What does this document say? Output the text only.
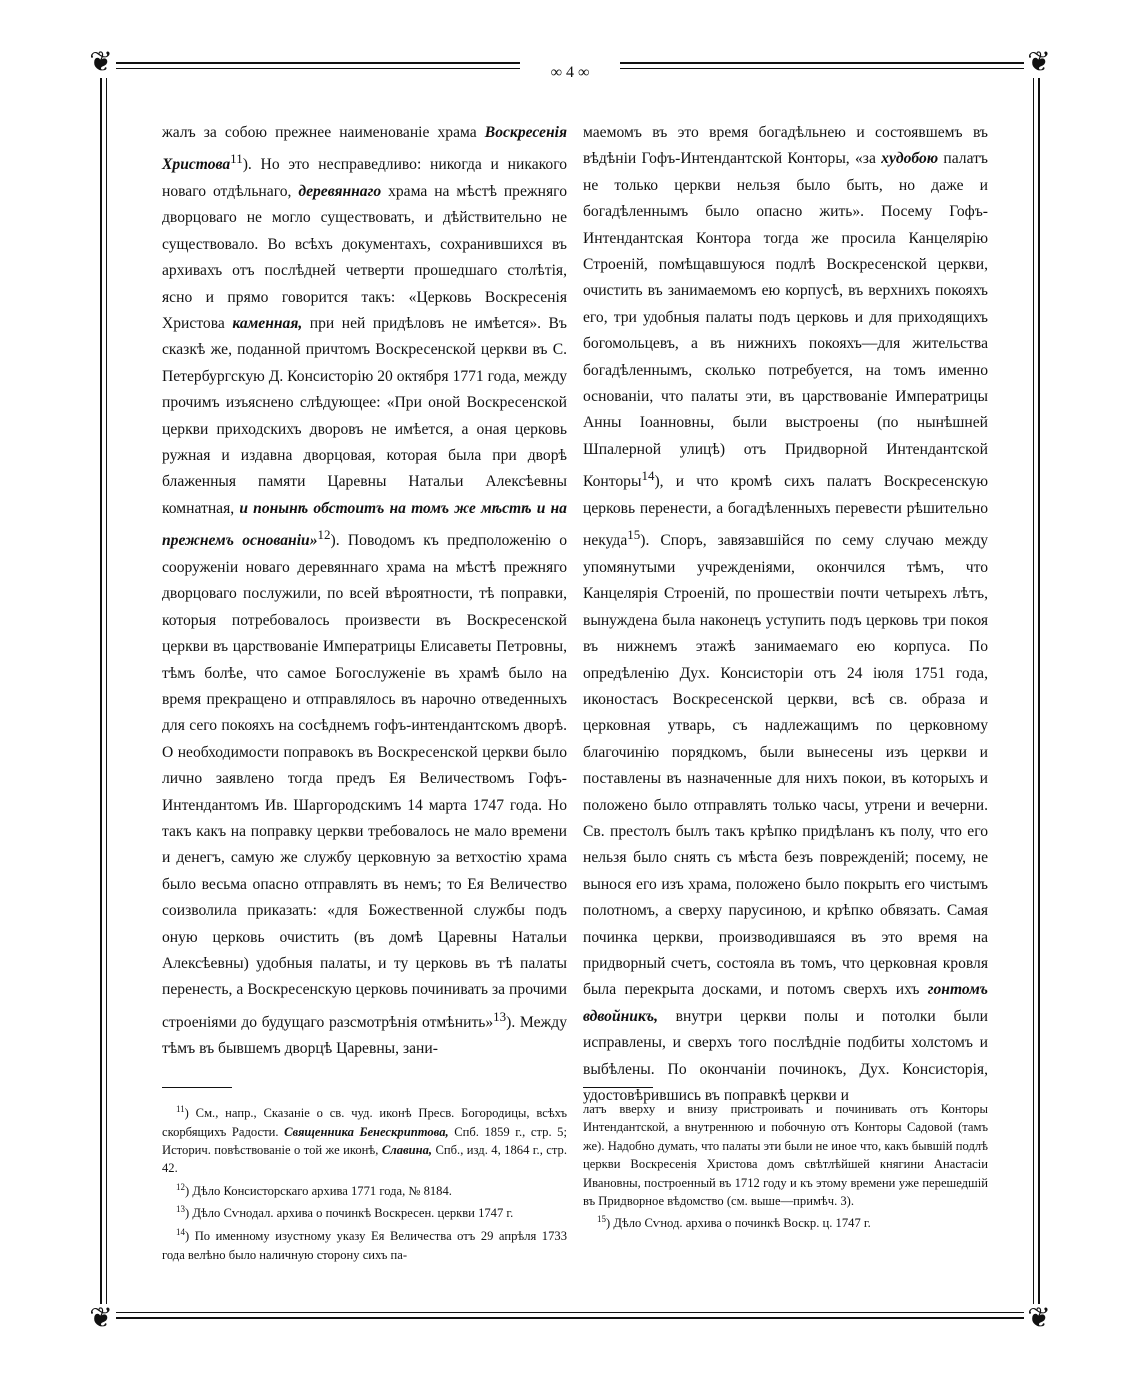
❦	❦
❦	❦
∞ 4 ∞

жалъ за собою прежнее наименованіе храма Воскресенія Христова$^{11}$). Но это несправедливо: никогда и никакого новаго отдѣльнаго, деревяннаго храма на мѣстѣ прежняго дворцоваго не могло существовать, и дѣйствительно не существовало. Во всѣхъ документахъ, сохранившихся въ архивахъ отъ послѣдней четверти прошедшаго столѣтія, ясно и прямо говорится такъ: «Церковь Воскресенія Христова каменная, при ней придѣловъ не имѣется». Въ сказкѣ же, поданной причтомъ Воскресенской церкви въ С. Петербургскую Д. Консисторію 20 октября 1771 года, между прочимъ изъяснено слѣдующее: «При оной Воскресенской церкви приходскихъ дворовъ не имѣется, а оная церковь ружная и издавна дворцовая, которая была при дворѣ блаженныя памяти Царевны Натальи Алексѣевны комнатная, и понынѣ обстоитъ на томъ же мѣстѣ и на прежнемъ основаніи»$^{12}$). Поводомъ къ предположенію о сооруженіи новаго деревяннаго храма на мѣстѣ прежняго дворцоваго послужили, по всей вѣроятности, тѣ поправки, которыя потребовалось произвести въ Воскресенской церкви въ царствованіе Императрицы Елисаветы Петровны, тѣмъ болѣе, что самое Богослуженіе въ храмѣ было на время прекращено и отправлялось въ нарочно отведенныхъ для сего покояхъ на сосѣднемъ гофъ-интендантскомъ дворѣ. О необходимости поправокъ въ Воскресенской церкви было лично заявлено тогда предъ Ея Величествомъ Гофъ-Интендантомъ Ив. Шаргородскимъ 14 марта 1747 года. Но такъ какъ на поправку церкви требовалось не мало времени и денегъ, самую же службу церковную за ветхостію храма было весьма опасно отправлять въ немъ; то Ея Величество соизволила приказать: «для Божественной службы подъ оную церковь очистить (въ домѣ Царевны Натальи Алексѣевны) удобныя палаты, и ту церковь въ тѣ палаты перенесть, а Воскресенскую церковь починивать за прочими строеніями до будущаго разсмотрѣнія отмѣнить»$^{13}$). Между тѣмъ въ бывшемъ дворцѣ Царевны, зани-

маемомъ въ это время богадѣльнею и состоявшемъ въ вѣдѣніи Гофъ-Интендантской Конторы, «за худобою палатъ не только церкви нельзя было быть, но даже и богадѣленнымъ было опасно жить». Посему Гофъ-Интендантская Контора тогда же просила Канцелярію Строеній, помѣщавшуюся подлѣ Воскресенской церкви, очистить въ занимаемомъ ею корпусѣ, въ верхнихъ покояхъ его, три удобныя палаты подъ церковь и для приходящихъ богомольцевъ, а въ нижнихъ покояхъ—для жительства богадѣленнымъ, сколько потребуется, на томъ именно основаніи, что палаты эти, въ царствованіе Императрицы Анны Іоанновны, были выстроены (по нынѣшней Шпалерной улицѣ) отъ Придворной Интендантской Конторы$^{14}$), и что кромѣ сихъ палатъ Воскресенскую церковь перенести, а богадѣленныхъ перевести рѣшительно некуда$^{15}$). Споръ, завязавшійся по сему случаю между упомянутыми учрежденіями, окончился тѣмъ, что Канцелярія Строеній, по прошествіи почти четырехъ лѣтъ, вынуждена была наконецъ уступить подъ церковь три покоя въ нижнемъ этажѣ занимаемаго ею корпуса. По опредѣленію Дух. Консисторіи отъ 24 іюля 1751 года, иконостасъ Воскресенской церкви, всѣ св. образа и церковная утварь, съ надлежащимъ по церковному благочинію порядкомъ, были вынесены изъ церкви и поставлены въ назначенные для нихъ покои, въ которыхъ и положено было отправлять только часы, утрени и вечерни. Св. престолъ былъ такъ крѣпко придѣланъ къ полу, что его нельзя было снять съ мѣста безъ поврежденій; посему, не вынося его изъ храма, положено было покрыть его чистымъ полотномъ, а сверху парусиною, и крѣпко обвязать. Самая починка церкви, производившаяся въ это время на придворный счетъ, состояла въ томъ, что церковная кровля была перекрыта досками, и потомъ сверхъ ихъ гонтомъ вдвойникъ, внутри церкви полы и потолки были исправлены, и сверхъ того послѣдніе подбиты холстомъ и выбѣлены. По окончаніи починокъ, Дух. Консисторія, удостовѣрившись въ поправкѣ церкви и

$^{11}$) См., напр., Сказаніе о св. чуд. иконѣ Пресв. Богородицы, всѣхъ скорбящихъ Радости. Священника Бенескриптова, Спб. 1859 г., стр. 5; Историч. повѣствованіе о той же иконѣ, Славина, Спб., изд. 4, 1864 г., стр. 42.

$^{12}$) Дѣло Консисторскаго архива 1771 года, № 8184.

$^{13}$) Дѣло Сѵнодал. архива о починкѣ Воскресен. церкви 1747 г.

$^{14}$) По именному изустному указу Ея Величества отъ 29 апрѣля 1733 года велѣно было наличную сторону сихъ па-

латъ вверху и внизу пристроивать и починивать отъ Конторы Интендантской, а внутреннюю и побочную отъ Конторы Садовой (тамъ же). Надобно думать, что палаты эти были не иное что, какъ бывшій подлѣ церкви Воскресенія Христова домъ свѣтлѣйшей княгини Анастасіи Ивановны, построенный въ 1712 году и къ этому времени уже перешедшій въ Придворное вѣдомство (см. выше—примѣч. 3).

$^{15}$) Дѣло Сѵнод. архива о починкѣ Воскр. ц. 1747 г.
